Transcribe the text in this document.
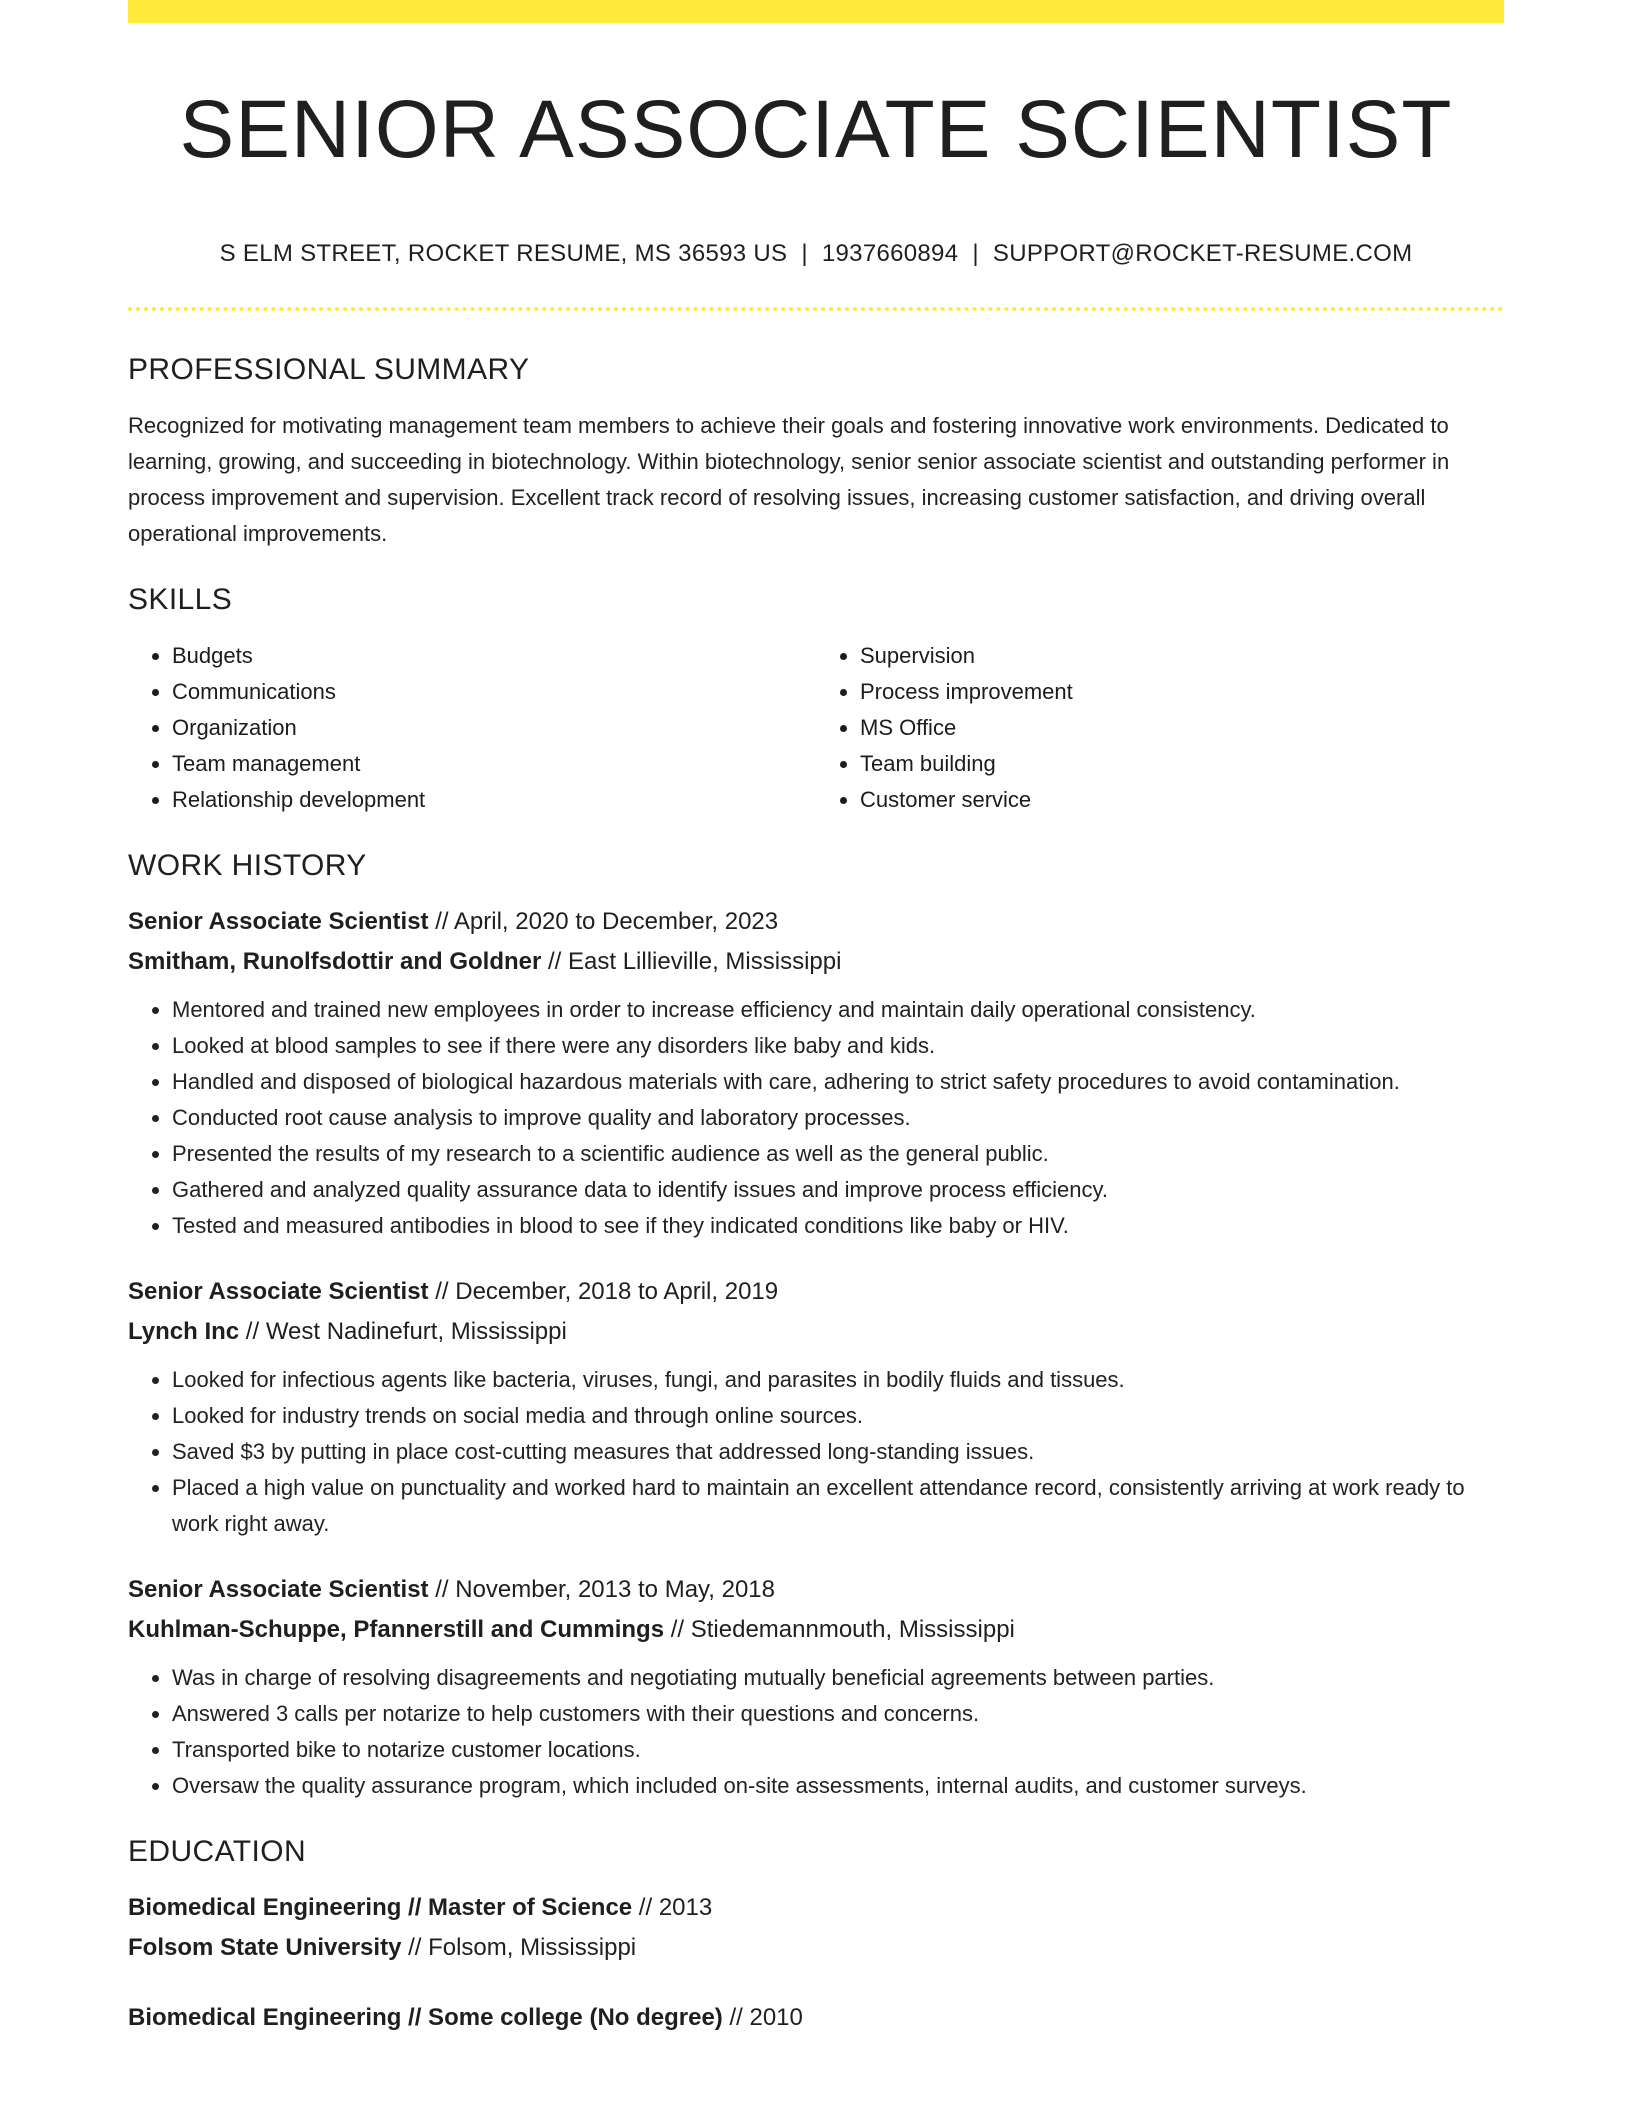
SENIOR ASSOCIATE SCIENTIST
S ELM STREET, ROCKET RESUME, MS 36593 US | 1937660894 | SUPPORT@ROCKET-RESUME.COM
PROFESSIONAL SUMMARY

Recognized for motivating management team members to achieve their goals and fostering innovative work environments. Dedicated to learning, growing, and succeeding in biotechnology. Within biotechnology, senior senior associate scientist and outstanding performer in process improvement and supervision. Excellent track record of resolving issues, increasing customer satisfaction, and driving overall operational improvements.

SKILLS
• Budgets
• Communications
• Organization
• Team management
• Relationship development
• Supervision
• Process improvement
• MS Office
• Team building
• Customer service
WORK HISTORY
Senior Associate Scientist // April, 2020 to December, 2023
Smitham, Runolfsdottir and Goldner // East Lillieville, Mississippi
• Mentored and trained new employees in order to increase efficiency and maintain daily operational consistency.
• Looked at blood samples to see if there were any disorders like baby and kids.
• Handled and disposed of biological hazardous materials with care, adhering to strict safety procedures to avoid contamination.
• Conducted root cause analysis to improve quality and laboratory processes.
• Presented the results of my research to a scientific audience as well as the general public.
• Gathered and analyzed quality assurance data to identify issues and improve process efficiency.
• Tested and measured antibodies in blood to see if they indicated conditions like baby or HIV.
Senior Associate Scientist // December, 2018 to April, 2019
Lynch Inc // West Nadinefurt, Mississippi
• Looked for infectious agents like bacteria, viruses, fungi, and parasites in bodily fluids and tissues.
• Looked for industry trends on social media and through online sources.
• Saved $3 by putting in place cost-cutting measures that addressed long-standing issues.
• Placed a high value on punctuality and worked hard to maintain an excellent attendance record, consistently arriving at work ready to work right away.
Senior Associate Scientist // November, 2013 to May, 2018
Kuhlman-Schuppe, Pfannerstill and Cummings // Stiedemannmouth, Mississippi
• Was in charge of resolving disagreements and negotiating mutually beneficial agreements between parties.
• Answered 3 calls per notarize to help customers with their questions and concerns.
• Transported bike to notarize customer locations.
• Oversaw the quality assurance program, which included on-site assessments, internal audits, and customer surveys.
EDUCATION
Biomedical Engineering // Master of Science // 2013
Folsom State University // Folsom, Mississippi
Biomedical Engineering // Some college (No degree) // 2010
